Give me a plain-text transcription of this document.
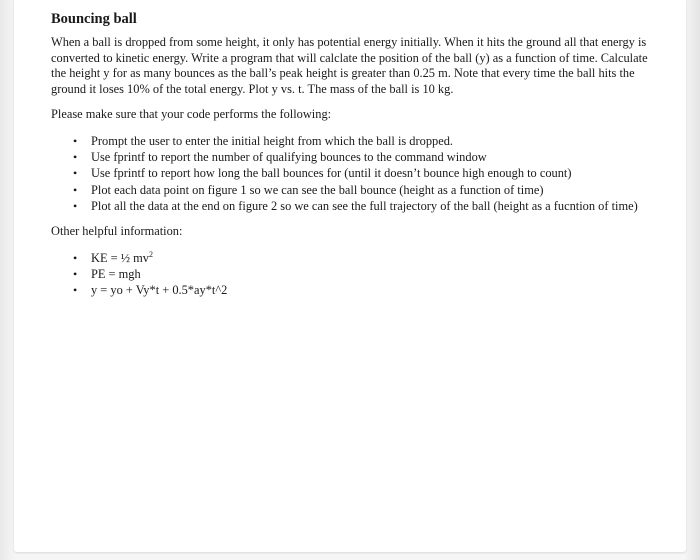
Bouncing ball

When a ball is dropped from some height, it only has potential energy initially. When it hits the ground all that energy is converted to kinetic energy. Write a program that will calclate the position of the ball (y) as a function of time. Calculate the height y for as many bounces as the ball’s peak height is greater than 0.25 m. Note that every time the ball hits the ground it loses 10% of the total energy. Plot y vs. t. The mass of the ball is 10 kg.

Please make sure that your code performs the following:

• Prompt the user to enter the initial height from which the ball is dropped.
• Use fprintf to report the number of qualifying bounces to the command window
• Use fprintf to report how long the ball bounces for (until it doesn’t bounce high enough to count)
• Plot each data point on figure 1 so we can see the ball bounce (height as a function of time)
• Plot all the data at the end on figure 2 so we can see the full trajectory of the ball (height as a fucntion of time)

Other helpful information:

• KE = ½ $mv^2$
• PE = mgh
• y = yo + Vy*t + 0.5*ay*t^2
